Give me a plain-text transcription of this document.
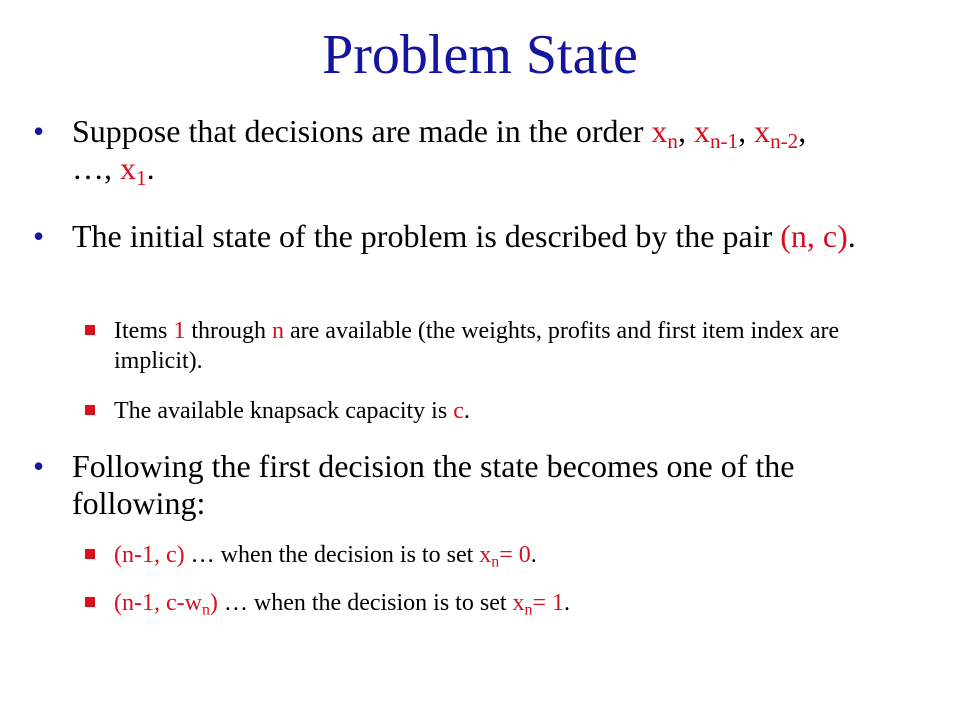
Problem State
• Suppose that decisions are made in the order $x_n$, $x_{n-1}$, $x_{n-2}$,
…, $x_1$.
• The initial state of the problem is described by the pair (n, c).
Items 1 through n are available (the weights, profits and first item index are implicit).
The available knapsack capacity is c.
• Following the first decision the state becomes one of the following:
(n-1, c) … when the decision is to set $x_n= 0$.
(n-1, $c-w_n$) … when the decision is to set $x_n= 1$.
